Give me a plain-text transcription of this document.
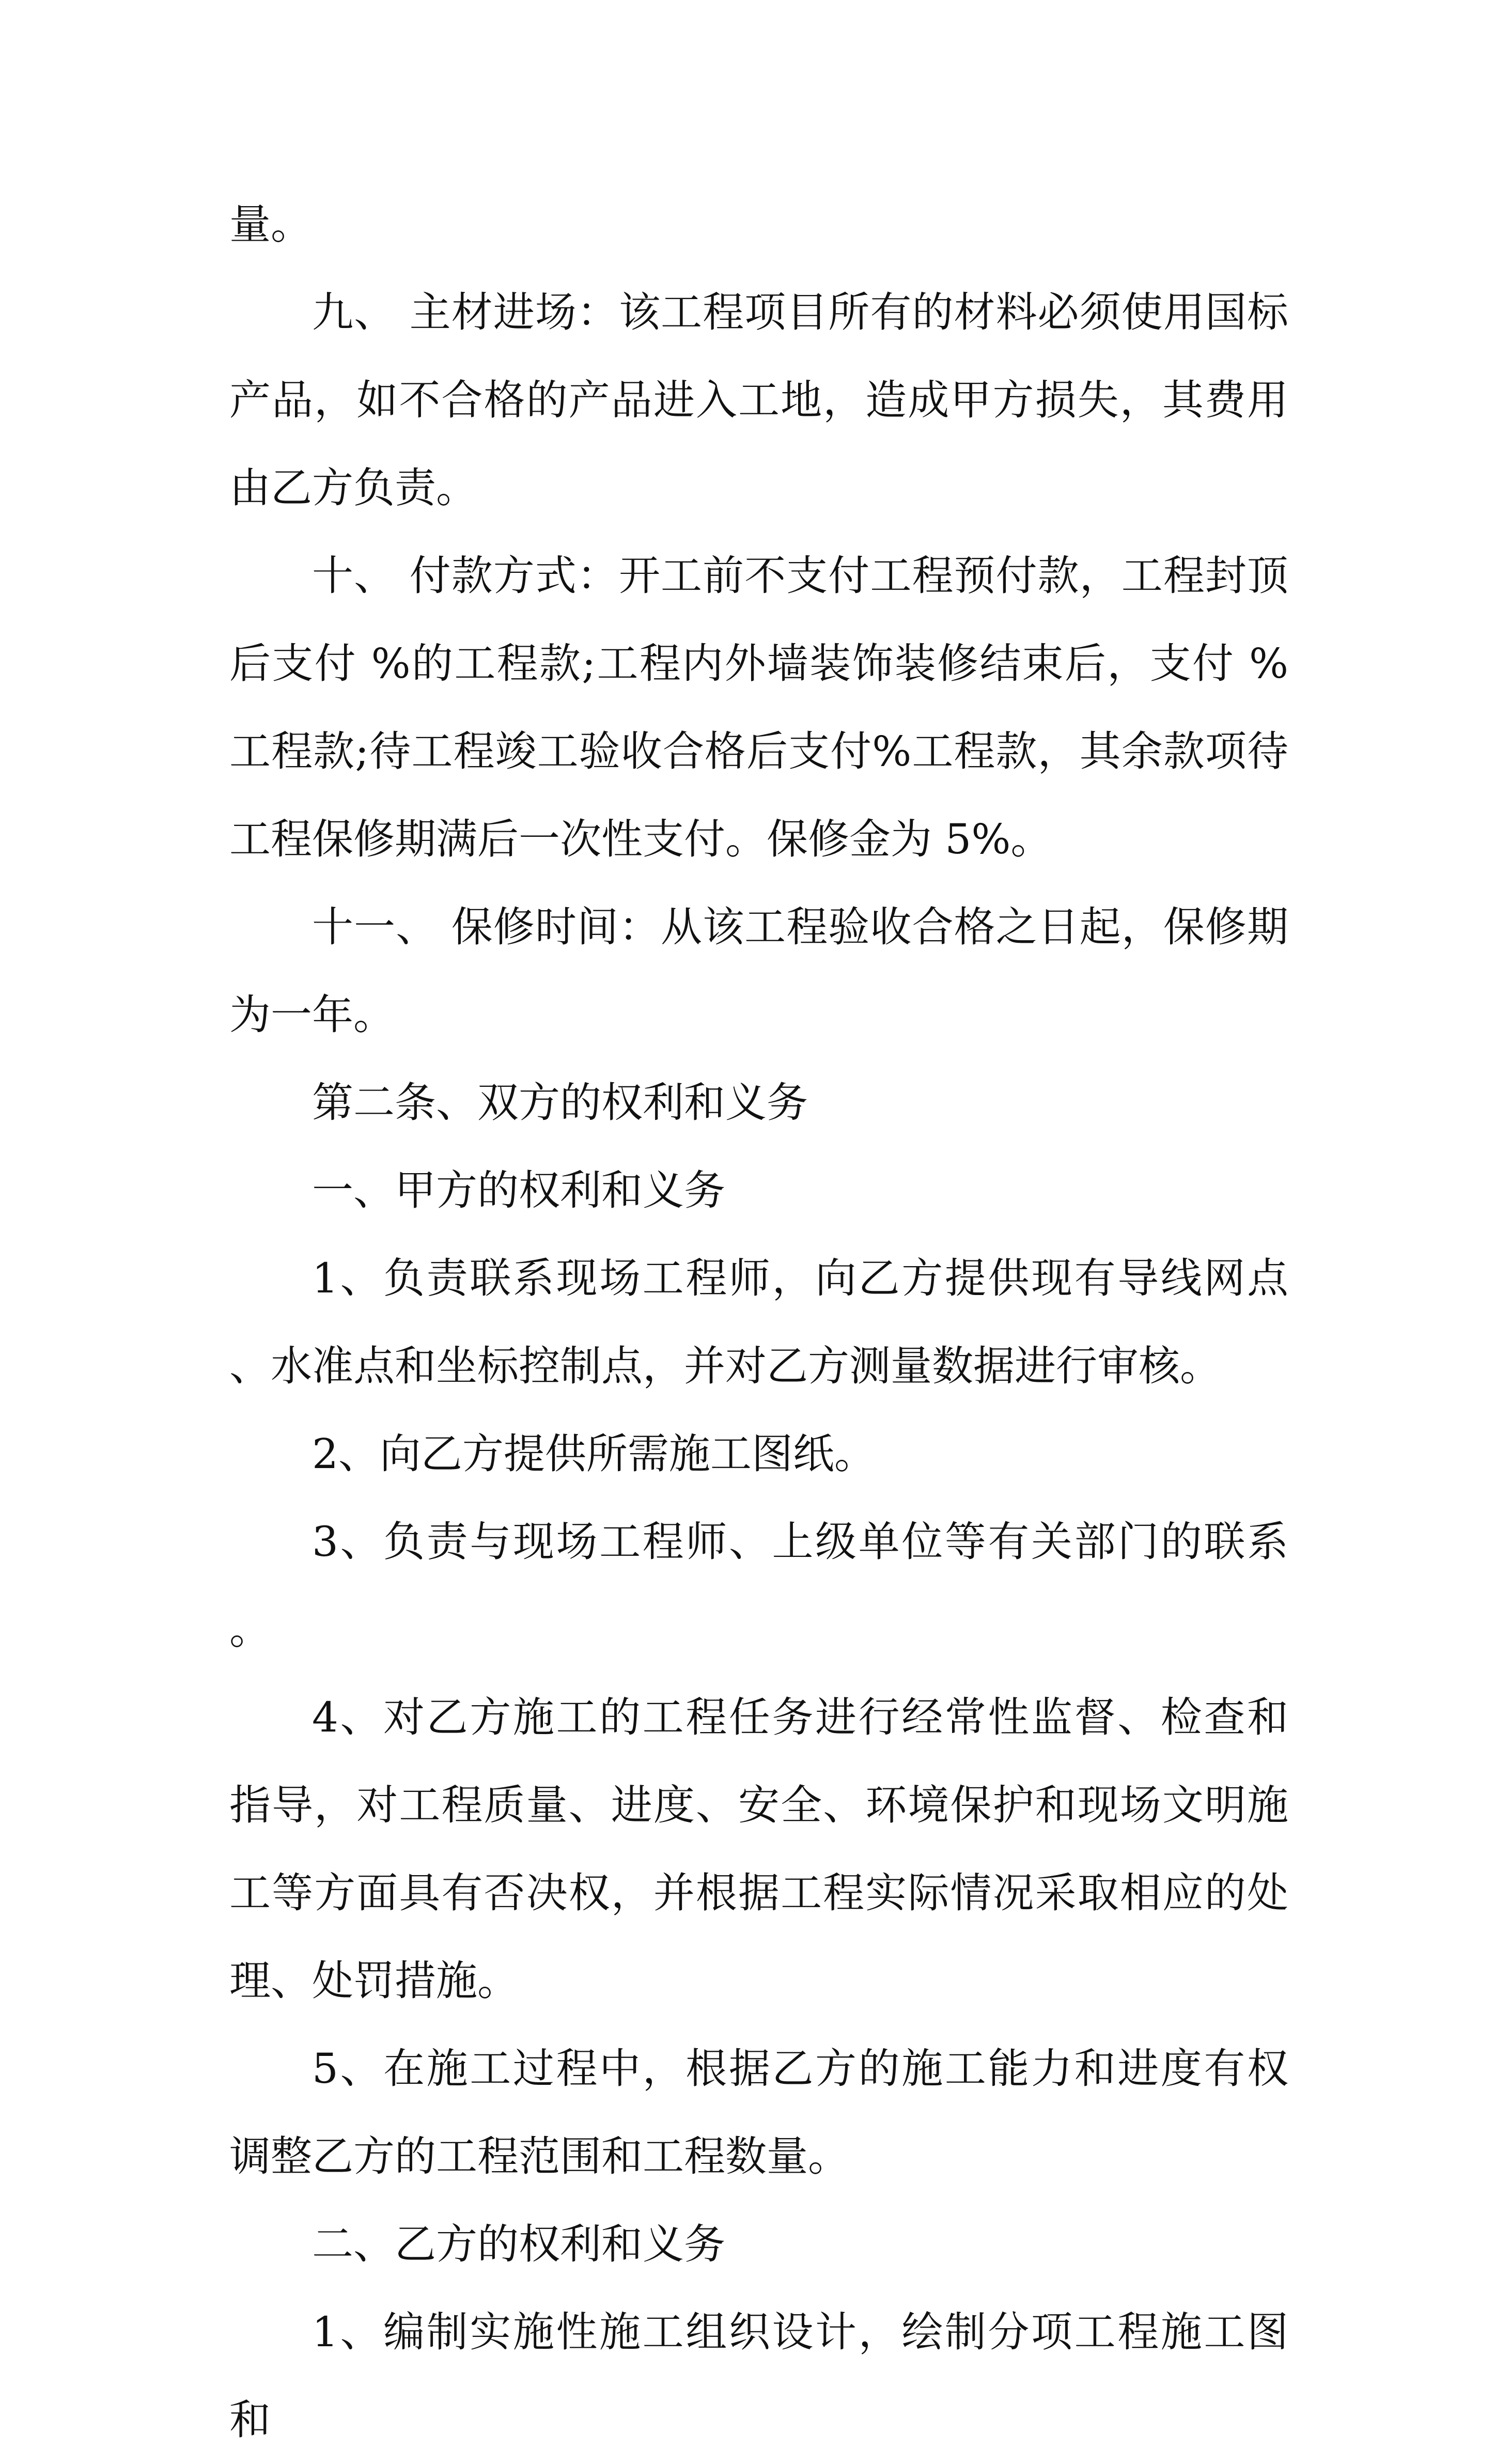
量。

九、 主材进场：该工程项目所有的材料必须使用国标产品，如不合格的产品进入工地，造成甲方损失，其费用由乙方负责。

十、 付款方式：开工前不支付工程预付款，工程封顶后支付 %的工程款;工程内外墙装饰装修结束后，支付 %工程款;待工程竣工验收合格后支付%工程款，其余款项待工程保修期满后一次性支付。保修金为 5%。

十一、 保修时间：从该工程验收合格之日起，保修期为一年。

第二条、双方的权利和义务

一、甲方的权利和义务

1、负责联系现场工程师，向乙方提供现有导线网点、水准点和坐标控制点，并对乙方测量数据进行审核。

2、向乙方提供所需施工图纸。

3、负责与现场工程师、上级单位等有关部门的联系。

4、对乙方施工的工程任务进行经常性监督、检查和指导，对工程质量、进度、安全、环境保护和现场文明施工等方面具有否决权，并根据工程实际情况采取相应的处理、处罚措施。

5、在施工过程中，根据乙方的施工能力和进度有权调整乙方的工程范围和工程数量。

二、乙方的权利和义务

1、编制实施性施工组织设计，绘制分项工程施工图和
